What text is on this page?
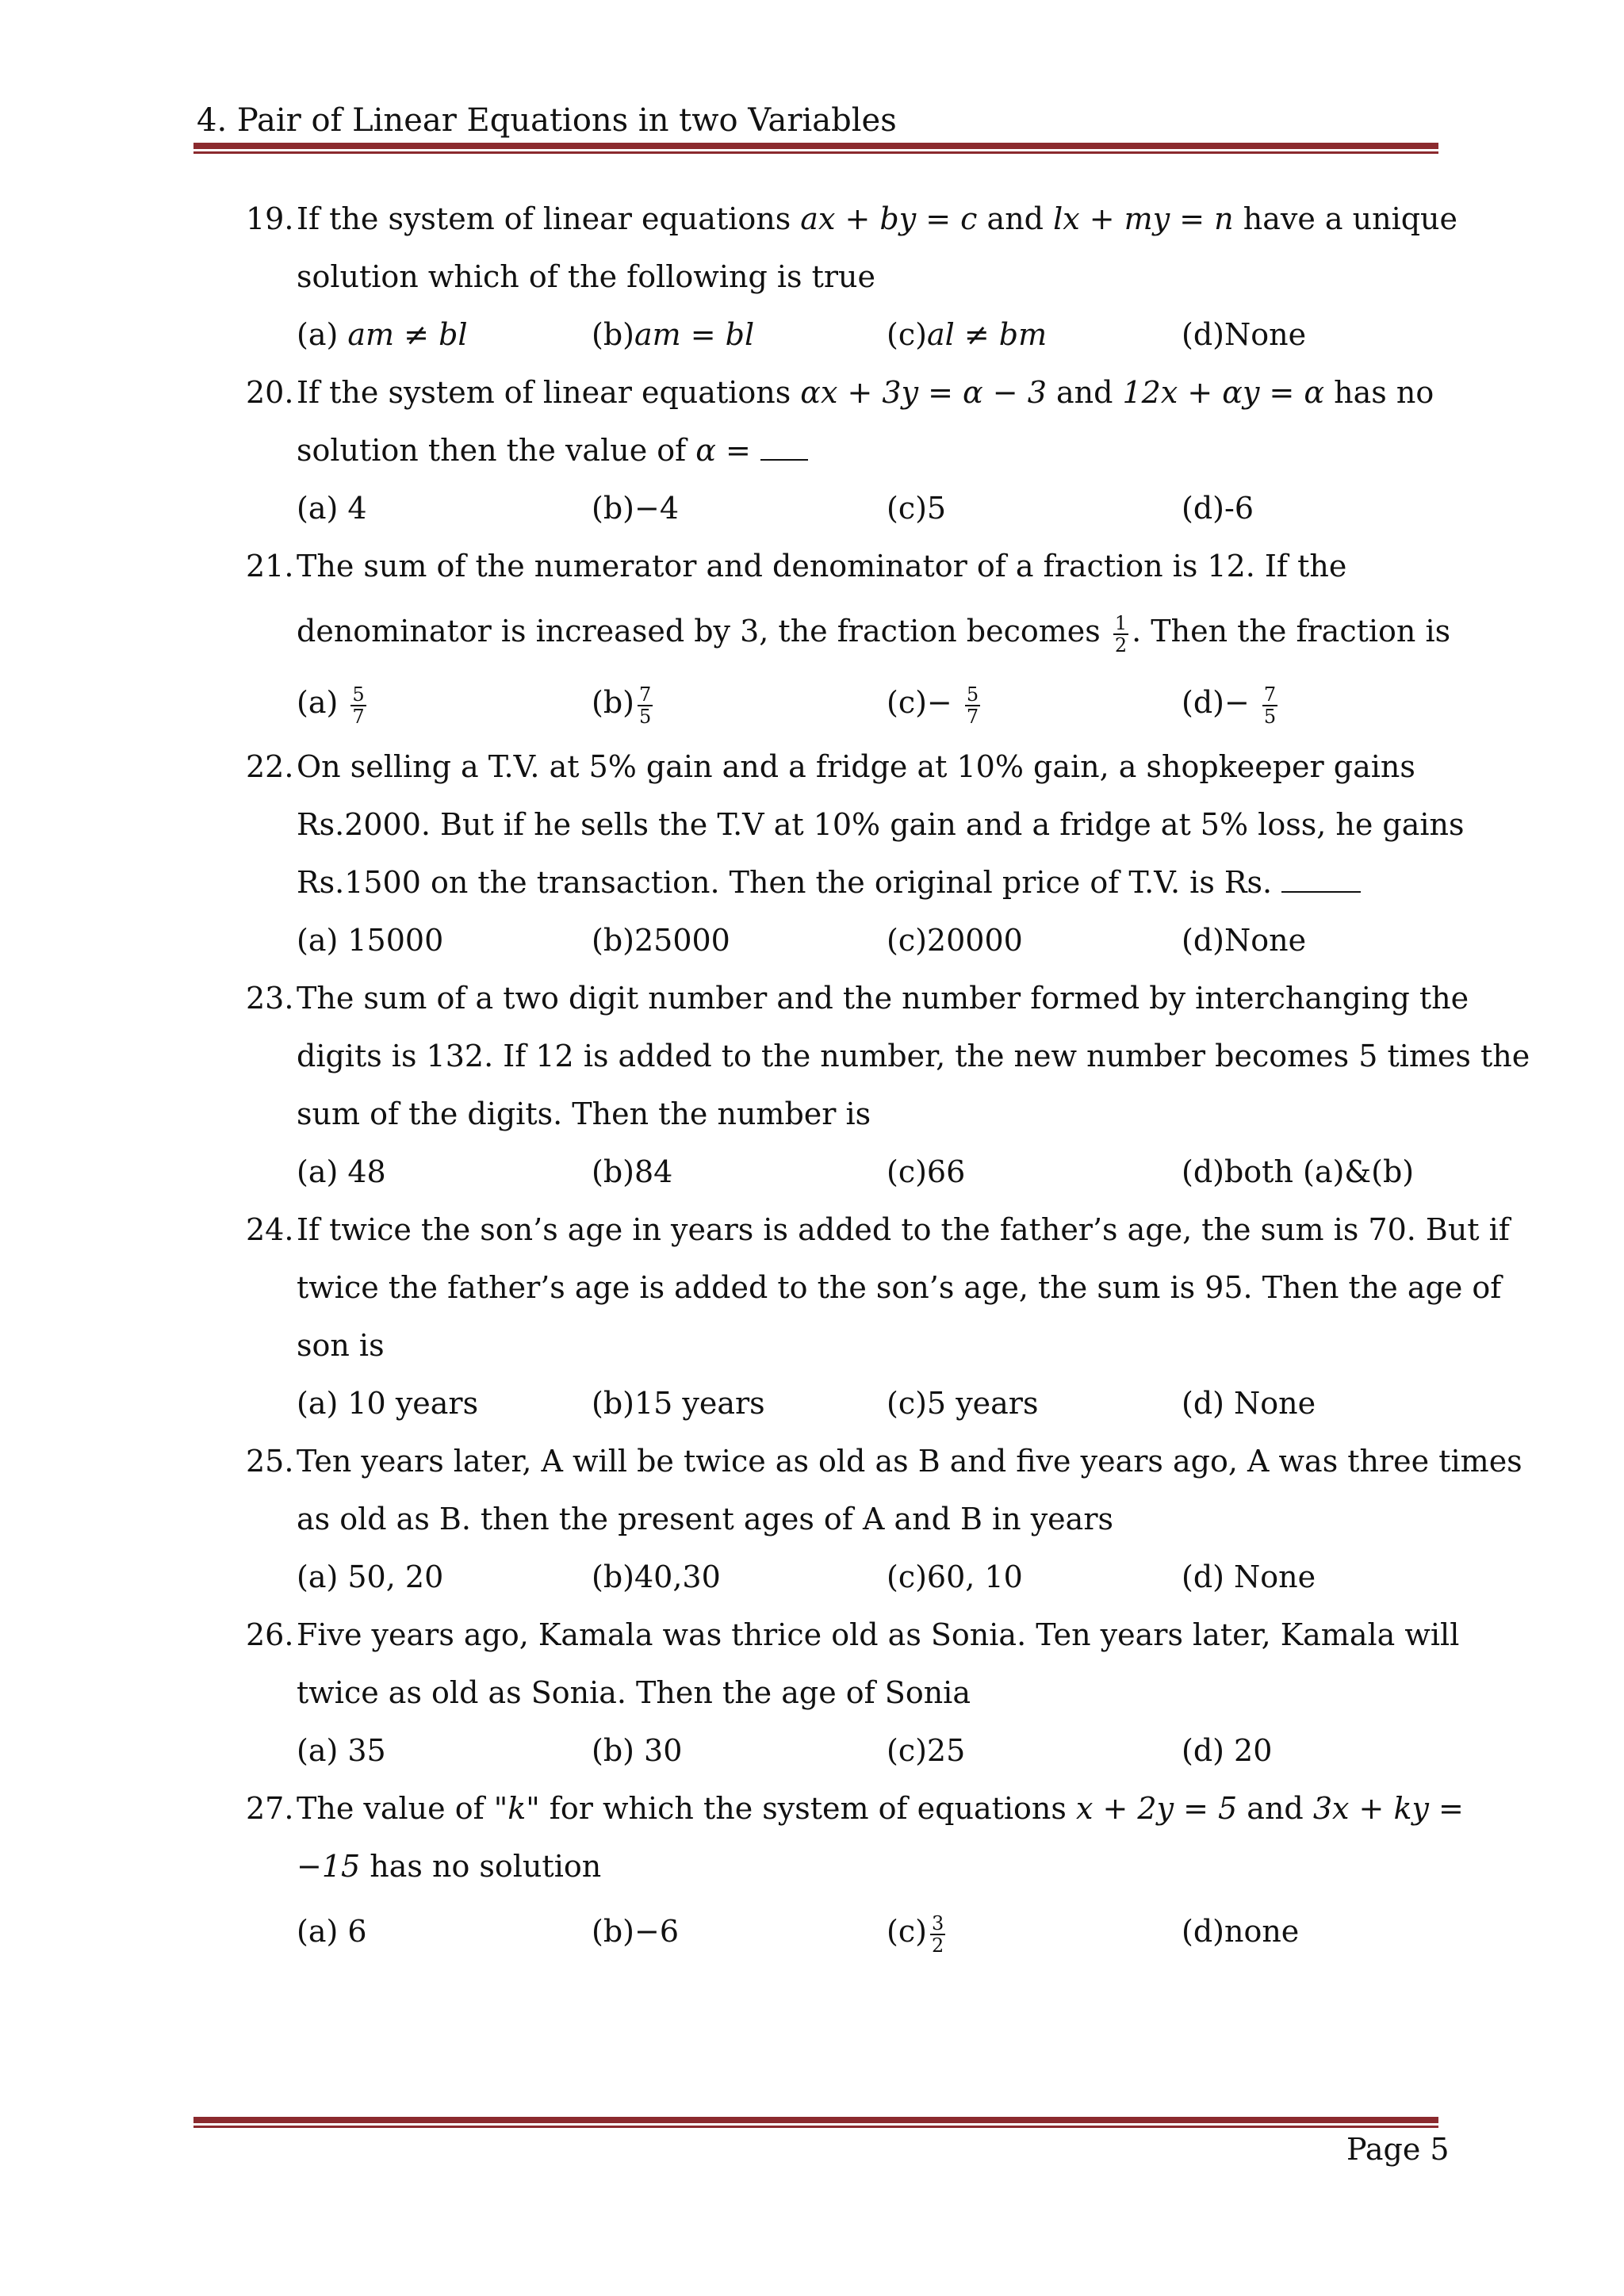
4. Pair of Linear Equations in two Variables
19. If the system of linear equations ax + by = c and lx + my = n have a unique
solution which of the following is true
(a) am ≠ bl	(b)am = bl	(c)al ≠ bm	(d)None
20. If the system of linear equations αx + 3y = α − 3 and 12x + αy = α has no
solution then the value of α =
(a) 4	(b)−4	(c)5	(d)-6
21. The sum of the numerator and denominator of a fraction is 12. If the
denominator is increased by 3, the fraction becomes $\frac{1}{2}$ . Then the fraction is
$(a) \frac{5}{7}$	$(b) \frac{7}{5}$	$(c)- \frac{5}{7}$	$(d)- \frac{7}{5}$
22. On selling a T.V. at 5% gain and a fridge at 10% gain, a shopkeeper gains
Rs.2000. But if he sells the T.V at 10% gain and a fridge at 5% loss, he gains
Rs.1500 on the transaction. Then the original price of T.V. is Rs.
(a) 15000	(b)25000	(c)20000	(d)None
23. The sum of a two digit number and the number formed by interchanging the
digits is 132. If 12 is added to the number, the new number becomes 5 times the
sum of the digits. Then the number is
(a) 48	(b)84	(c)66	(d)both (a)&(b)
24. If twice the son’s age in years is added to the father’s age, the sum is 70. But if
twice the father’s age is added to the son’s age, the sum is 95. Then the age of
son is
(a) 10 years	(b)15 years	(c)5 years	(d) None
25. Ten years later, A will be twice as old as B and five years ago, A was three times
as old as B. then the present ages of A and B in years
(a) 50, 20	(b)40,30	(c)60, 10	(d) None
26. Five years ago, Kamala was thrice old as Sonia. Ten years later, Kamala will
twice as old as Sonia. Then the age of Sonia
(a) 35	(b) 30	(c)25	(d) 20
27. The value of "k" for which the system of equations x + 2y = 5 and 3x + ky =
−15 has no solution
(a) 6	(b)−6	$(c) \frac{3}{2}$	(d)none
Page 5
